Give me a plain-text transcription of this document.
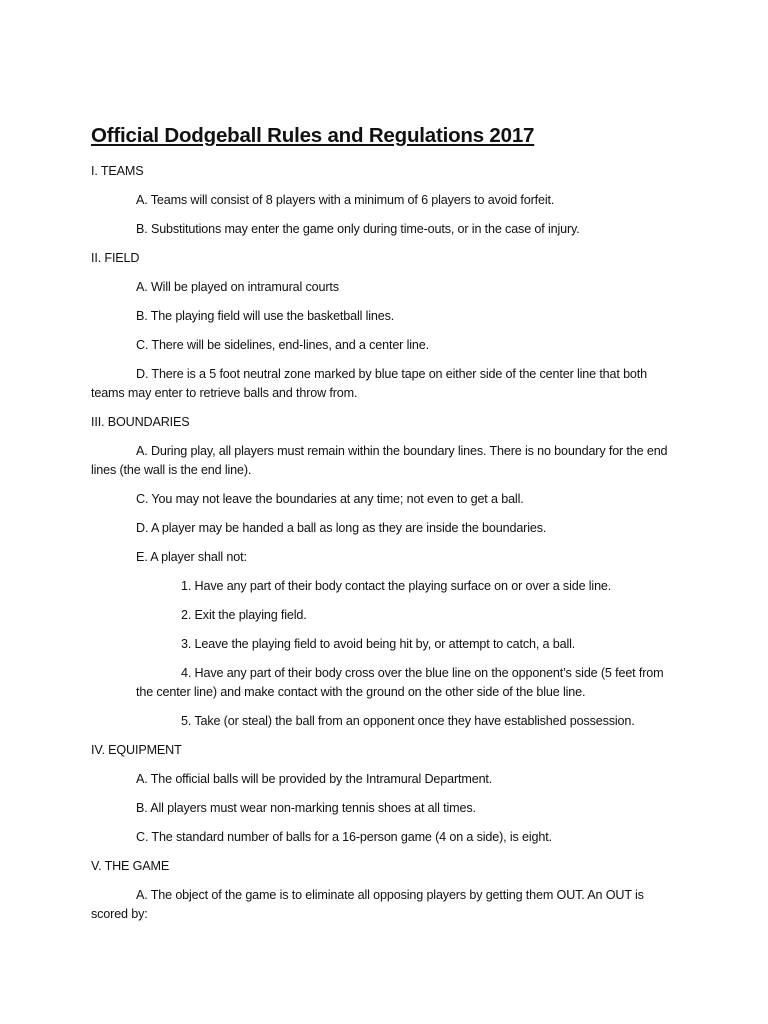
Official Dodgeball Rules and Regulations 2017
I. TEAMS
A. Teams will consist of 8 players with a minimum of 6 players to avoid forfeit.
B. Substitutions may enter the game only during time-outs, or in the case of injury.
II. FIELD
A. Will be played on intramural courts
B. The playing field will use the basketball lines.
C. There will be sidelines, end-lines, and a center line.
D. There is a 5 foot neutral zone marked by blue tape on either side of the center line that both teams may enter to retrieve balls and throw from.
III. BOUNDARIES
A. During play, all players must remain within the boundary lines. There is no boundary for the end lines (the wall is the end line).
C. You may not leave the boundaries at any time; not even to get a ball.
D. A player may be handed a ball as long as they are inside the boundaries.
E. A player shall not:
1. Have any part of their body contact the playing surface on or over a side line.
2. Exit the playing field.
3. Leave the playing field to avoid being hit by, or attempt to catch, a ball.
4. Have any part of their body cross over the blue line on the opponent’s side (5 feet from the center line) and make contact with the ground on the other side of the blue line.
5. Take (or steal) the ball from an opponent once they have established possession.
IV. EQUIPMENT
A. The official balls will be provided by the Intramural Department.
B. All players must wear non-marking tennis shoes at all times.
C. The standard number of balls for a 16-person game (4 on a side), is eight.
V. THE GAME
A. The object of the game is to eliminate all opposing players by getting them OUT. An OUT is scored by:
